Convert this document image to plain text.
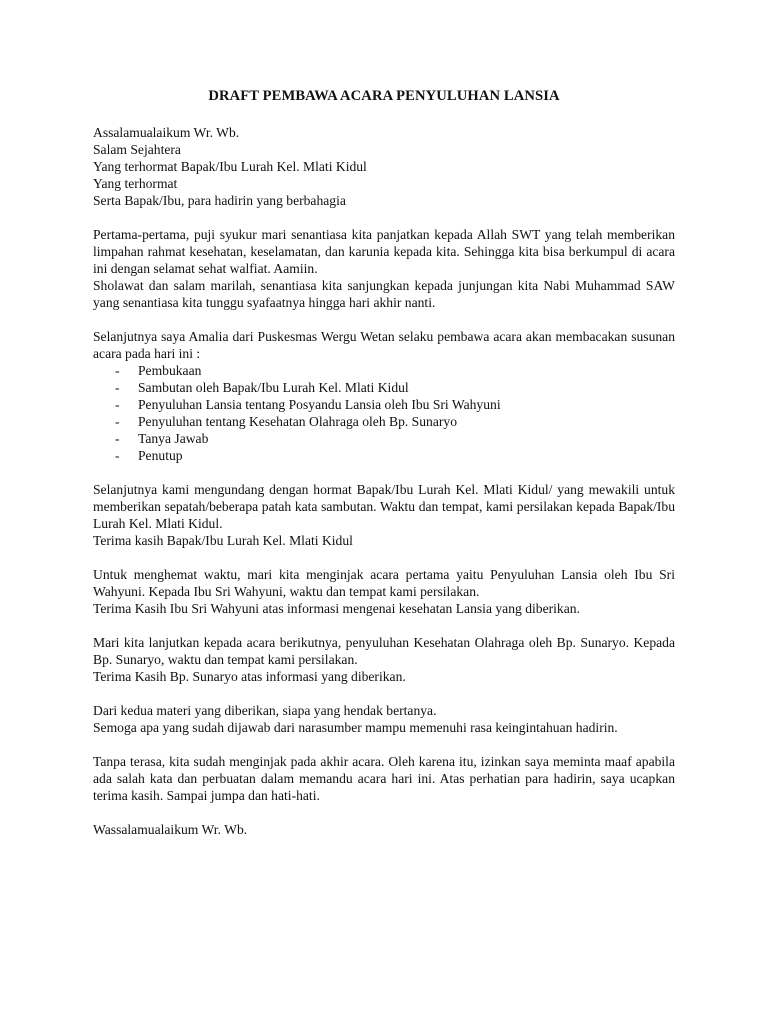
DRAFT PEMBAWA ACARA PENYULUHAN LANSIA

Assalamualaikum Wr. Wb.

Salam Sejahtera

Yang terhormat Bapak/Ibu Lurah Kel. Mlati Kidul

Yang terhormat

Serta Bapak/Ibu, para hadirin yang berbahagia

Pertama-pertama, puji syukur mari senantiasa kita panjatkan kepada Allah SWT yang telah memberikan limpahan rahmat kesehatan, keselamatan, dan karunia kepada kita. Sehingga kita bisa berkumpul di acara ini dengan selamat sehat walfiat. Aamiin.

Sholawat dan salam marilah, senantiasa kita sanjungkan kepada junjungan kita Nabi Muhammad SAW yang senantiasa kita tunggu syafaatnya hingga hari akhir nanti.

Selanjutnya saya Amalia dari Puskesmas Wergu Wetan selaku pembawa acara akan membacakan susunan acara pada hari ini :

- Pembukaan
- Sambutan oleh Bapak/Ibu Lurah Kel. Mlati Kidul
- Penyuluhan Lansia tentang Posyandu Lansia oleh Ibu Sri Wahyuni
- Penyuluhan tentang Kesehatan Olahraga oleh Bp. Sunaryo
- Tanya Jawab
- Penutup

Selanjutnya kami mengundang dengan hormat Bapak/Ibu Lurah Kel. Mlati Kidul/ yang mewakili untuk memberikan sepatah/beberapa patah kata sambutan. Waktu dan tempat, kami persilakan kepada Bapak/Ibu Lurah Kel. Mlati Kidul.

Terima kasih Bapak/Ibu Lurah Kel. Mlati Kidul

Untuk menghemat waktu, mari kita menginjak acara pertama yaitu Penyuluhan Lansia oleh Ibu Sri Wahyuni. Kepada Ibu Sri Wahyuni, waktu dan tempat kami persilakan.

Terima Kasih Ibu Sri Wahyuni atas informasi mengenai kesehatan Lansia yang diberikan.

Mari kita lanjutkan kepada acara berikutnya, penyuluhan Kesehatan Olahraga oleh Bp. Sunaryo. Kepada Bp. Sunaryo, waktu dan tempat kami persilakan.

Terima Kasih Bp. Sunaryo atas informasi yang diberikan.

Dari kedua materi yang diberikan, siapa yang hendak bertanya.

Semoga apa yang sudah dijawab dari narasumber mampu memenuhi rasa keingintahuan hadirin.

Tanpa terasa, kita sudah menginjak pada akhir acara. Oleh karena itu, izinkan saya meminta maaf apabila ada salah kata dan perbuatan dalam memandu acara hari ini. Atas perhatian para hadirin, saya ucapkan terima kasih. Sampai jumpa dan hati-hati.

Wassalamualaikum Wr. Wb.
